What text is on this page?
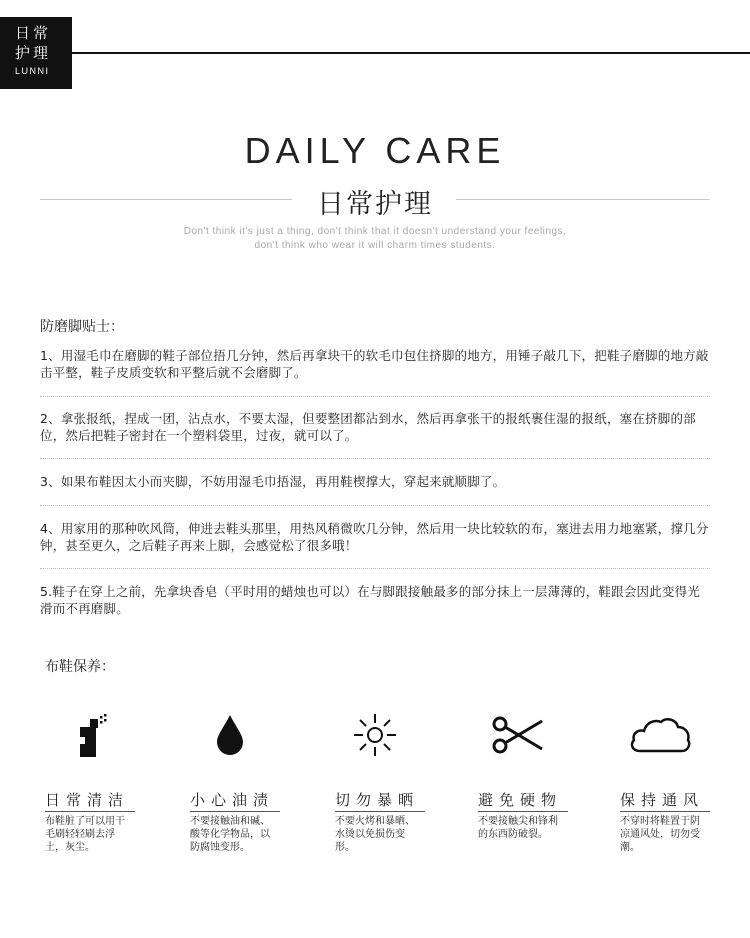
日常
护理
LUNNI
DAILY CARE
日常护理
Don't think it's just a thing, don't think that it doesn't understand your feelings,
don't think who wear it will charm times students.
防磨脚贴士：
1、用湿毛巾在磨脚的鞋子部位捂几分钟，然后再拿块干的软毛巾包住挤脚的地方，用锤子敲几下，把鞋子磨脚的地方敲击平整，鞋子皮质变软和平整后就不会磨脚了。
2、拿张报纸，捏成一团，沾点水，不要太湿，但要整团都沾到水，然后再拿张干的报纸裹住湿的报纸，塞在挤脚的部位，然后把鞋子密封在一个塑料袋里，过夜，就可以了。
3、如果布鞋因太小而夹脚，不妨用湿毛巾捂湿，再用鞋楔撑大，穿起来就顺脚了。
4、用家用的那种吹风筒，伸进去鞋头那里，用热风稍微吹几分钟，然后用一块比较软的布，塞进去用力地塞紧，撑几分钟，甚至更久，之后鞋子再来上脚，会感觉松了很多哦！
5.鞋子在穿上之前，先拿块香皂（平时用的蜡烛也可以）在与脚跟接触最多的部分抹上一层薄薄的，鞋跟会因此变得光滑而不再磨脚。
布鞋保养：
日常清洁
布鞋脏了可以用干毛刷轻轻刷去浮土，灰尘。
小心油渍
不要接触油和碱、酸等化学物品，以防腐蚀变形。
切勿暴晒
不要火烤和暴晒、水烫以免损伤变形。
避免硬物
不要接触尖和锋利的东西防破裂。
保持通风
不穿时将鞋置于阴凉通风处，切勿受潮。
